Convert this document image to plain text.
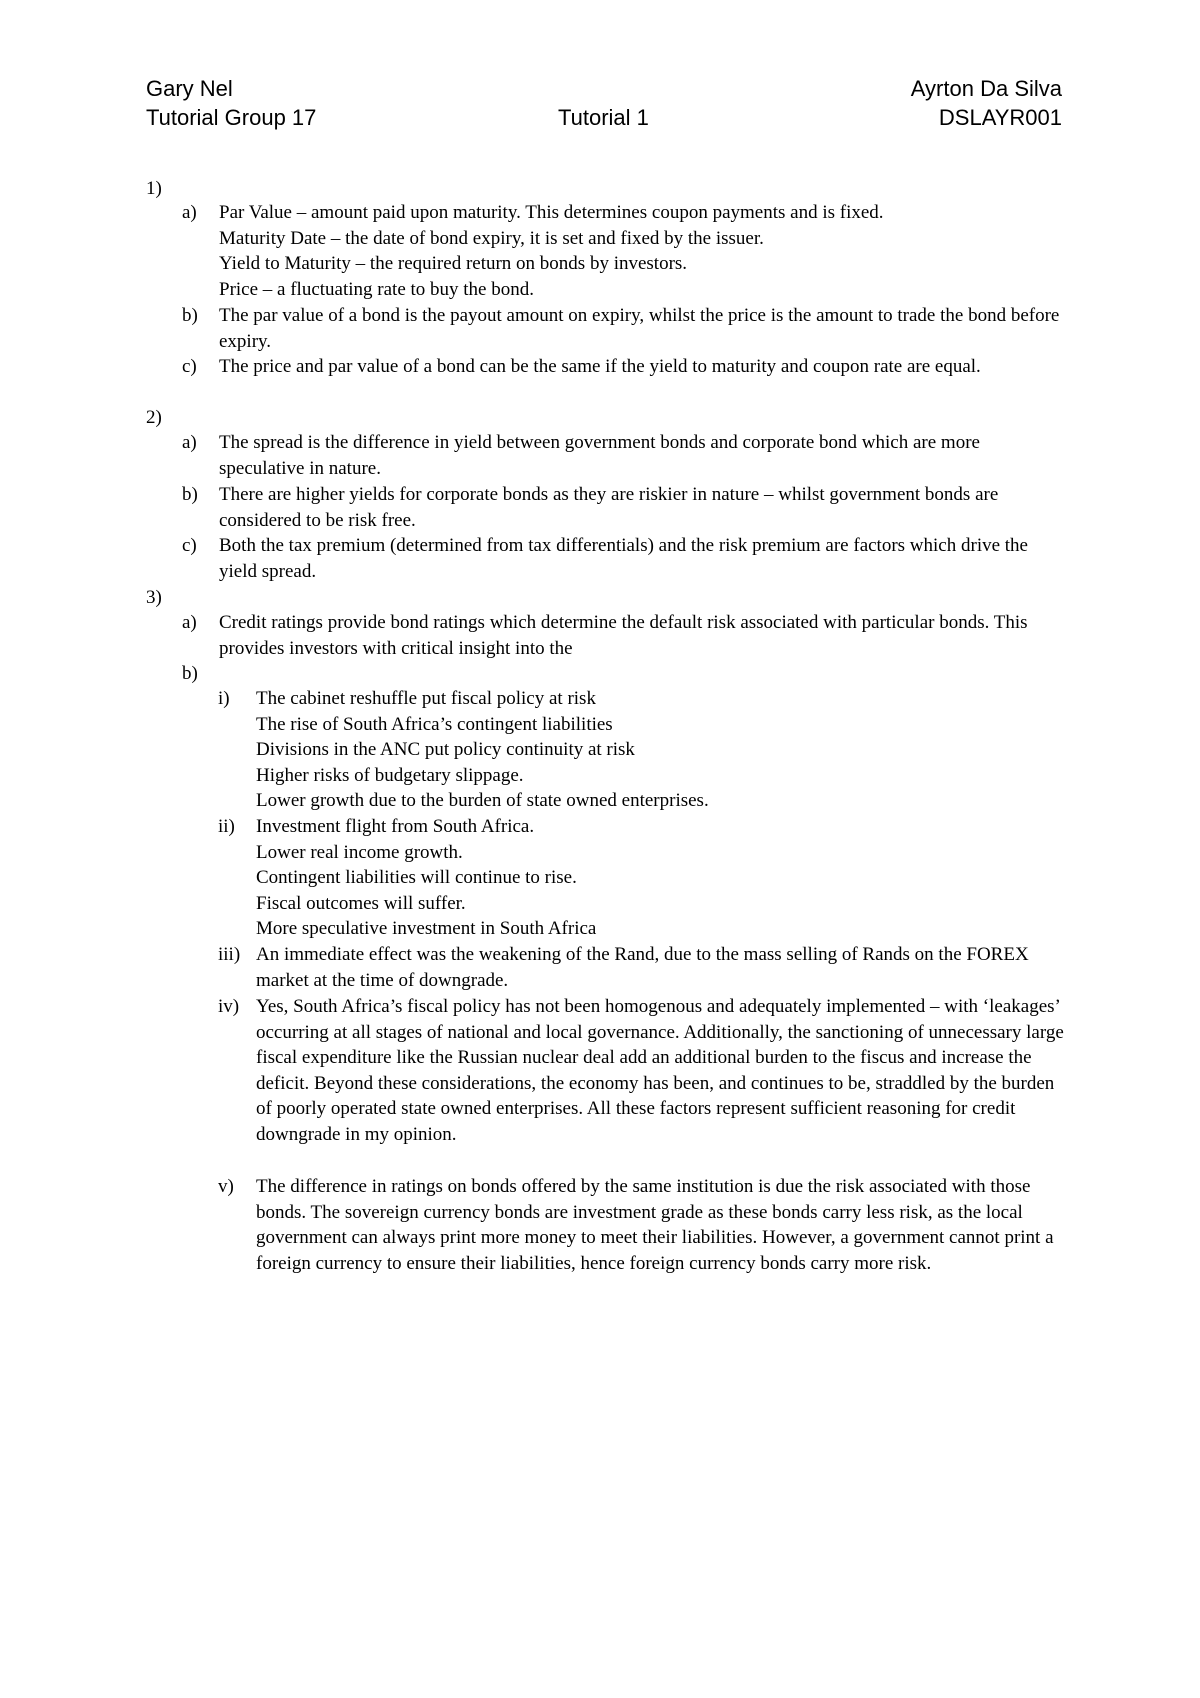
Gary Nel	Ayrton Da Silva
Tutorial Group 17	Tutorial 1	DSLAYR001
1)
a) Par Value – amount paid upon maturity. This determines coupon payments and is fixed.
Maturity Date – the date of bond expiry, it is set and fixed by the issuer.
Yield to Maturity – the required return on bonds by investors.
Price – a fluctuating rate to buy the bond.
b) The par value of a bond is the payout amount on expiry, whilst the price is the amount to trade the bond before expiry.
c) The price and par value of a bond can be the same if the yield to maturity and coupon rate are equal.
2)
a) The spread is the difference in yield between government bonds and corporate bond which are more speculative in nature.
b) There are higher yields for corporate bonds as they are riskier in nature – whilst government bonds are considered to be risk free.
c) Both the tax premium (determined from tax differentials) and the risk premium are factors which drive the yield spread.
3)
a) Credit ratings provide bond ratings which determine the default risk associated with particular bonds. This provides investors with critical insight into the
b)
i) The cabinet reshuffle put fiscal policy at risk
The rise of South Africa’s contingent liabilities
Divisions in the ANC put policy continuity at risk
Higher risks of budgetary slippage.
Lower growth due to the burden of state owned enterprises.
ii) Investment flight from South Africa.
Lower real income growth.
Contingent liabilities will continue to rise.
Fiscal outcomes will suffer.
More speculative investment in South Africa
iii) An immediate effect was the weakening of the Rand, due to the mass selling of Rands on the FOREX market at the time of downgrade.
iv) Yes, South Africa’s fiscal policy has not been homogenous and adequately implemented – with ‘leakages’ occurring at all stages of national and local governance. Additionally, the sanctioning of unnecessary large fiscal expenditure like the Russian nuclear deal add an additional burden to the fiscus and increase the deficit. Beyond these considerations, the economy has been, and continues to be, straddled by the burden of poorly operated state owned enterprises. All these factors represent sufficient reasoning for credit downgrade in my opinion.
v) The difference in ratings on bonds offered by the same institution is due the risk associated with those bonds. The sovereign currency bonds are investment grade as these bonds carry less risk, as the local government can always print more money to meet their liabilities. However, a government cannot print a foreign currency to ensure their liabilities, hence foreign currency bonds carry more risk.
